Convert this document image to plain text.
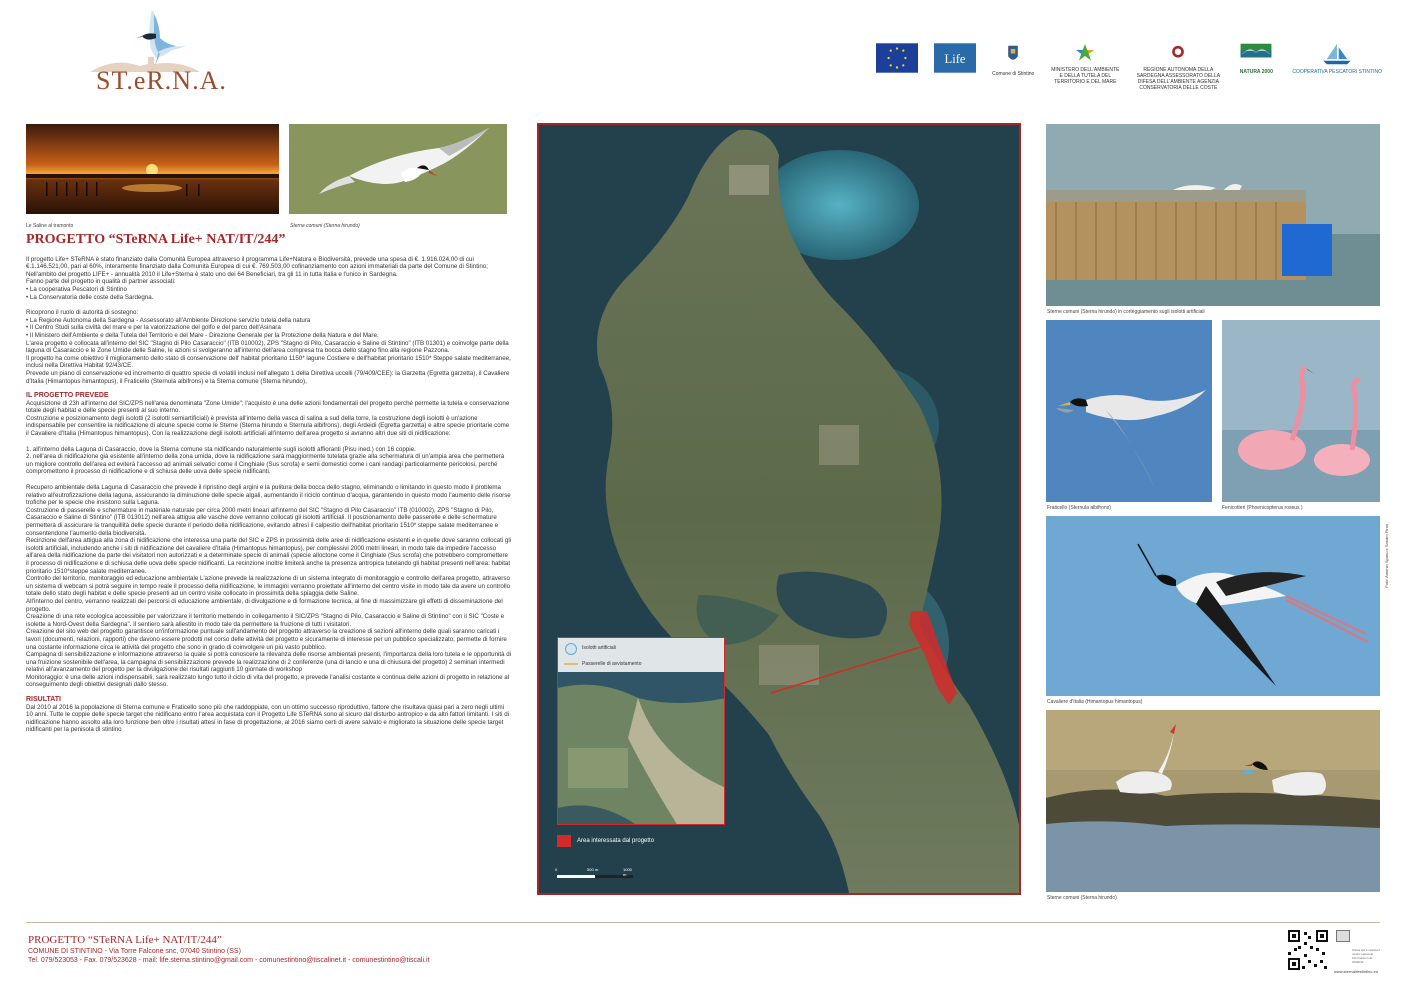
ST.eR.N.A.
Life
Comune di Stintino
MINISTERO DELL'AMBIENTE E DELLA TUTELA DEL TERRITORIO E DEL MARE
REGIONE AUTONOMA DELLA SARDEGNA ASSESSORATO DELLA DIFESA DELL'AMBIENTE AGENZIA CONSERVATORIA DELLE COSTE
NATURA 2000	COOPERATIVA PESCATORI STINTINO
Le Saline al tramonto	Sterne comuni (Sterna hirundo)
PROGETTO “STeRNA Life+ NAT/IT/244”

Il progetto Life+ STeRNA è stato finanziato dalla Comunità Europea attraverso il programma Life+Natura e Biodiversità, prevede una spesa di €. 1.916.024,00 di cui €.1.146.521,00, pari al 60%, interamente finanziato dalla Comunità Europea di cui €. 769.503,00 cofinanziamento con azioni immateriali da parte del Comune di Stintino;

Nell'ambito del progetto LIFE+ - annualità 2010 il Life+Sterna è stato uno dei 64 Beneficiari, tra gli 11 in tutta Italia e l'unico in Sardegna.

Fanno parte del progetto in qualità di partner associati:

• La cooperativa Pescatori di Stintino

• La Conservatoria delle coste della Sardegna.

Ricoprono il ruolo di autorità di sostegno:

• La Regione Autonoma della Sardegna - Assessorato all'Ambiente Direzione servizio tutela della natura

• Il Centro Studi sulla civiltà del mare e per la valorizzazione del golfo e del parco dell'Asinara

• Il Ministero dell'Ambiente e della Tutela del Territorio e del Mare - Direzione Generale per la Protezione della Natura e del Mare.

L'area progetto è collocata all'interno del SIC "Stagno di Pilo Casaraccio" (ITB 010002), ZPS "Stagno di Pilo, Casaraccio e Saline di Stintino" (ITB 01301) e coinvolge parte della laguna di Casaraccio e le Zone Umide delle Saline, le azioni si svolgeranno all'interno dell'area compresa tra bocca dello stagno fino alla regione Pazzona.

Il progetto ha come obiettivo il miglioramento dello stato di conservazione dell' habitat prioritario 1150* lagune Costiere e dell'habitat prioritario 1510* Steppe salate mediterranee, inclusi nella Direttiva Habitat 92/43/CE.

Prevede un piano di conservazione ed incremento di quattro specie di volatili inclusi nell'allegato 1 della Direttiva uccelli (79/409/CEE): la Garzetta (Egretta garzetta), il Cavaliere d'Italia (Himantopus himantopus), il Fraticello (Sternula albifrons) e la Sterna comune (Sterna hirundo),

IL PROGETTO PREVEDE

Acquisizione di 23h all'interno del SIC/ZPS nell'area denominata "Zone Umide"; l'acquisto è una delle azioni fondamentali del progetto perché permette la tutela e conservazione totale degli habitat e delle specie presenti al suo interno.

Costruzione e posizionamento degli isolotti (2 isolotti semiartificiali) è prevista all'interno della vasca di salina a sud della torre, la costruzione degli isolotti è un'azione indispensabile per consentire la nidificazione di alcune specie come le Sterne (Sterna hirundo e Sternula albifrons), degli Ardeidi (Egretta garzetta) e altre specie prioritarie come il Cavaliere d'Italia (Himantopus himantopus). Con la realizzazione degli isolotti artificiali all'interno dell'area progetto si avranno altri due siti di nidificazione:

1. all'interno della Laguna di Casaraccio, dove la Sterna comune sta nidificando naturalmente sugli isolotti affioranti (Pisu ined.) con 16 coppie.

2. nell'area di nidificazione già esistente all'interno della zona umida, dove la nidificazione sarà maggiormente tutelata grazie alla schermatura di un'ampia area che permetterà un migliore controllo dell'area ed eviterà l'accesso ad animali selvatici come il Cinghiale (Sus scrofa) e semi domestici come i cani randagi particolarmente pericolosi, perché compromettono il processo di nidificazione e di schiusa delle uova delle specie nidificanti.

Recupero ambientale della Laguna di Casaraccio che prevede il ripristino degli argini e la pulitura della bocca dello stagno, eliminando o limitando in questo modo il problema relativo all'eutrofizzazione della laguna, assicurando la diminuzione delle specie algali, aumentando il riciclo continuo d'acqua, garantendo in questo modo l'aumento delle risorse trofiche per le specie che insistono sulla Laguna.

Costruzione di passerelle e schermature in materiale naturale per circa 2000 metri lineari all'interno del SIC "Stagno di Pilo Casaraccio" ITB (010002), ZPS "Stagno di Pilo, Casaraccio e Saline di Stintino" (ITB 013012) nell'area attigua alle vasche dove verranno collocati gli isolotti artificiali. Il posizionamento delle passerelle e delle schermature permetterà di assicurare la tranquillità delle specie durante il periodo della nidificazione, evitando altresì il calpestio dell'habitat prioritario 1510* steppe salate mediterranee e consentendone l'aumento della biodiversità.

Recinzione dell'area attigua alla zona di nidificazione che interessa una parte del SIC e ZPS in prossimità delle aree di nidificazione esistenti e in quelle dove saranno collocati gli isolotti artificiali, includendo anche i siti di nidificazione del cavaliere d'Italia (Himantopus himantopus), per complessivi 2000 metri lineari, in modo tale da impedire l'accesso all'area della nidificazione da parte dei visitatori non autorizzati e a determinate specie di animali (specie alloctone come il Cinghiale (Sus scrofa) che potrebbero compromettere il processo di nidificazione e di schiusa delle uova delle specie nidificanti. La recinzione inoltre limiterà anche la presenza antropica tutelando gli habitat presenti nell'area: habitat prioritario 1510*steppe salate mediterranee.

Controllo del territorio, monitoraggio ed educazione ambientale L'azione prevede la realizzazione di un sistema integrato di monitoraggio e controllo dell'area progetto, attraverso un sistema di webcam si potrà seguire in tempo reale il processo della nidificazione, le immagini verranno proiettate all'interno del centro visite in modo tale da avere un controllo totale dello stato degli habitat e delle specie presenti ad un centro visite collocato in prossimità della spiaggia delle Saline.

All'interno del centro, verranno realizzati dei percorsi di educazione ambientale, di divulgazione e di formazione tecnica, al fine di massimizzare gli effetti di disseminazione del progetto.

Creazione di una rete ecologica accessibile per valorizzare il territorio mettendo in collegamento il SIC/ZPS "Stagno di Pilo, Casaraccio e Saline di Stintino" con il SIC "Coste e isolette a Nord-Ovest della Sardegna". Il sentiero sarà allestito in modo tale da permettere la fruizione di tutti i visitatori.

Creazione del sito web del progetto garantisce un'informazione puntuale sull'andamento del progetto attraverso la creazione di sezioni all'interno delle quali saranno caricati i lavori (documenti, relazioni, rapporti) che davono essere prodotti nel corso delle attività del progetto e sicuramente di interesse per un pubblico specializzato; permette di fornire una costante informazione circa le attività del progetto che sono in grado di coinvolgere un più vasto pubblico.

Campagna di sensibilizzazione e informazione attraverso la quale si potrà conoscere la rilevanza delle risorse ambientali presenti, l'importanza della loro tutela e le opportunità di una fruizione sostenibile dell'area, la campagna di sensibilizzazione prevede la realizzazione di 2 conferenze (una di lancio e una di chiusura del progetto) 2 seminari intermedi relativi all'avanzamento del progetto per la divulgazione dei risultati raggiunti 10 giornate di workshop

Monitoraggio: è una delle azioni indispensabili, sarà realizzato lungo tutto il ciclo di vita del progetto, e prevede l'analisi costante e continua delle azioni di progetto in relazione al conseguimento degli obiettivi designati dallo stesso.

RISULTATI

Dal 2010 al 2016 la popolazione di Sterna comune e Fraticello sono più che raddoppiate, con un ottimo successo riproduttivo, fattore che risultava quasi pari a zero negli ultimi 10 anni. Tutte le coppie delle specie target che nidificano entro l'area acquistata con il Progetto Life STeRNA sono al sicuro dal disturbo antropico e da altri fattori limitanti. I siti di nidificazione hanno assolto alla loro funzione ben oltre i risultati attesi in fase di progettazione, al 2016 siamo certi di avere salvato e migliorato la situazione delle specie target nidificanti per la penisola di stintino

Isolotti artificiali
Passerelle di avvistamento
Area interessata dal progetto
0	500 m.	1000 m.
Sterne comuni (Sterna hirundo) in corteggiamento sugli isolotti artificiali
Fraticello (Sternula albifrons)	Fenicotteri (Phoenicopterus roseus )
Cavaliere d'Italia (Himantopus himantopus)
Foto: Antonio Spanu e Sandro Piras
Sterne comuni (Sterna hirundo)
PROGETTO “STeRNA Life+ NAT/IT/244”
COMUNE DI STINTINO - Via Torre Falcone snc, 07040 Stintino (SS)
Tel. 079/523053 - Fax. 079/523628 - mail: life.sterna.stintino@gmail.com - comunestintino@tiscalinet.it - comunestintino@tiscali.it
Clicca qui e scarica il nostro opuscolo informativo Life STeRNA
www.sternalifestintino.eu
